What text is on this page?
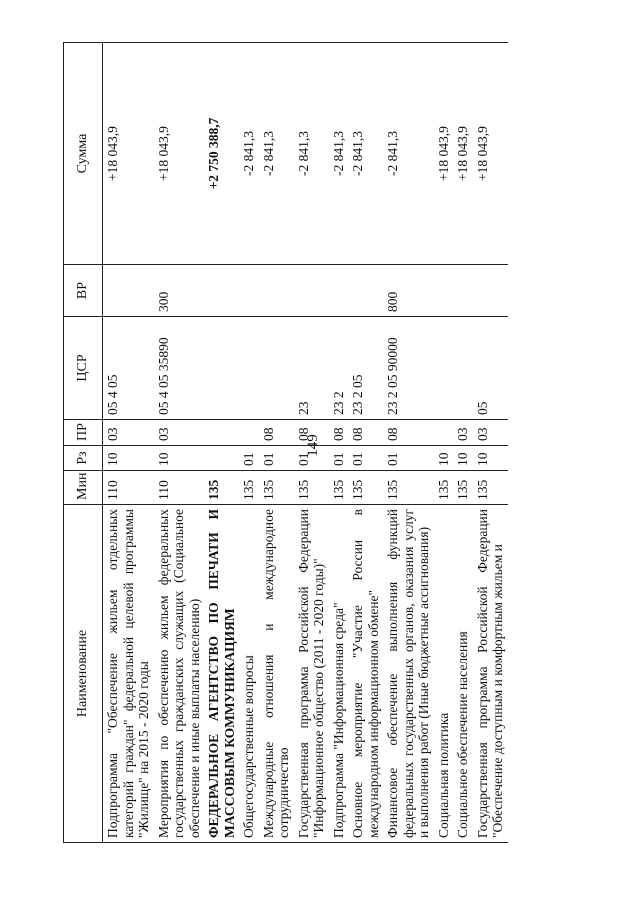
149
Наименование	Мин	Рз	ПР	ЦСР	ВР	Сумма
Подпрограмма "Обеспечение жильем отдельных категорий граждан" федеральной целевой программы "Жилище" на 2015 - 2020 годы	110	10	03	05 4 05		+18 043,9
Мероприятия по обеспечению жильем федеральных государственных гражданских служащих (Социальное обеспечение и иные выплаты населению)	110	10	03	05 4 05 35890	300	+18 043,9
ФЕДЕРАЛЬНОЕ АГЕНТСТВО ПО ПЕЧАТИ И МАССОВЫМ КОММУНИКАЦИЯМ	135					+2 750 388,7
Общегосударственные вопросы	135	01				-2 841,3
Международные отношения и международное сотрудничество	135	01	08			-2 841,3
Государственная программа Российской Федерации "Информационное общество (2011 - 2020 годы)"	135	01	08	23		-2 841,3
Подпрограмма "Информационная среда"	135	01	08	23 2		-2 841,3
Основное мероприятие "Участие России в международном информационном обмене"	135	01	08	23 2 05		-2 841,3
Финансовое обеспечение выполнения функций федеральных государственных органов, оказания услуг и выполнения работ (Иные бюджетные ассигнования)	135	01	08	23 2 05 90000	800	-2 841,3
Социальная политика	135	10				+18 043,9
Социальное обеспечение населения	135	10	03			+18 043,9
Государственная программа Российской Федерации "Обеспечение доступным и комфортным жильем и	135	10	03	05		+18 043,9
